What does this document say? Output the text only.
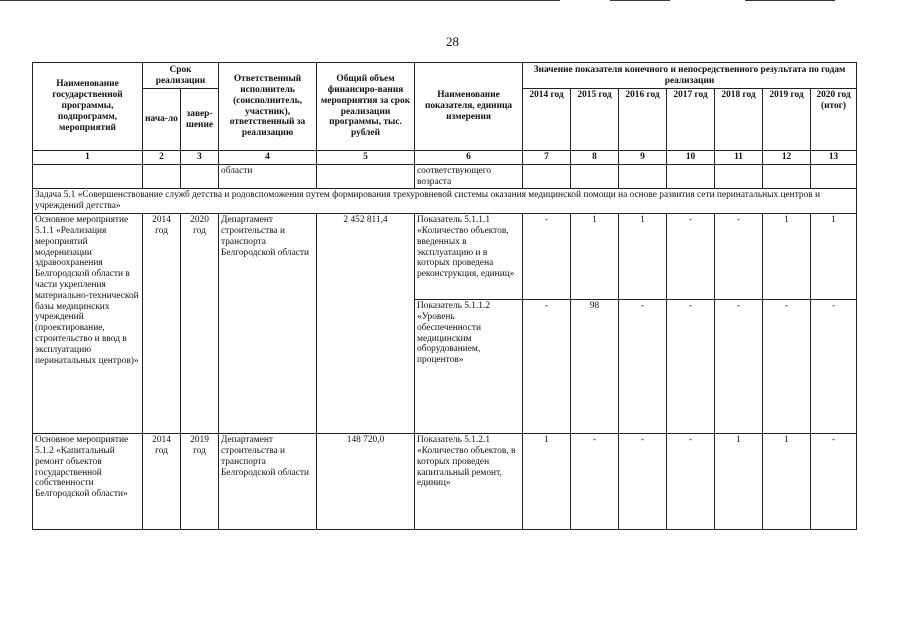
28
Наименование государственной программы, подпрограмм, мероприятий	Срок реализации		Ответственный исполнитель (соисполнитель, участник), ответственный за реализацию	Общий объем финансиро-вания мероприятия за срок реализации программы, тыс. рублей	Наименование показателя, единица измерения	Значение показателя конечного и непосредственного результата по годам реализации						
	нача-ло	завер-шение				2014 год	2015 год	2016 год	2017 год	2018 год	2019 год	2020 год (итог)
1	2	3	4	5	6	7	8	9	10	11	12	13
			области		соответствующего возраста							
Задача 5.1 «Совершенствование служб детства и родовспоможения путем формирования трехуровневой системы оказания медицинской помощи на основе развития сети перинатальных центров и учреждений детства»												
Основное мероприятие 5.1.1 «Реализация мероприятий модернизации здравоохранения Белгородской области в части укрепления материально-технической базы медицинских учреждений (проектирование, строительство и ввод в эксплуатацию перинатальных центров)»	2014 год	2020 год	Департамент строительства и транспорта Белгородской области	2 452 811,4	Показатель 5.1.1.1 «Количество объектов, введенных в эксплуатацию и в которых проведена реконструкция, единиц»	-	1	1	-	-	1	1
					Показатель 5.1.1.2 «Уровень обеспеченности медицинским оборудованием, процентов»	-	98	-	-	-	-	-
Основное мероприятие 5.1.2 «Капитальный ремонт объектов государственной собственности Белгородской области»	2014 год	2019 год	Департамент строительства и транспорта Белгородской области	148 720,0	Показатель 5.1.2.1 «Количество объектов, в которых проведен капитальный ремонт, единиц»	1	-	-	-	1	1	-
